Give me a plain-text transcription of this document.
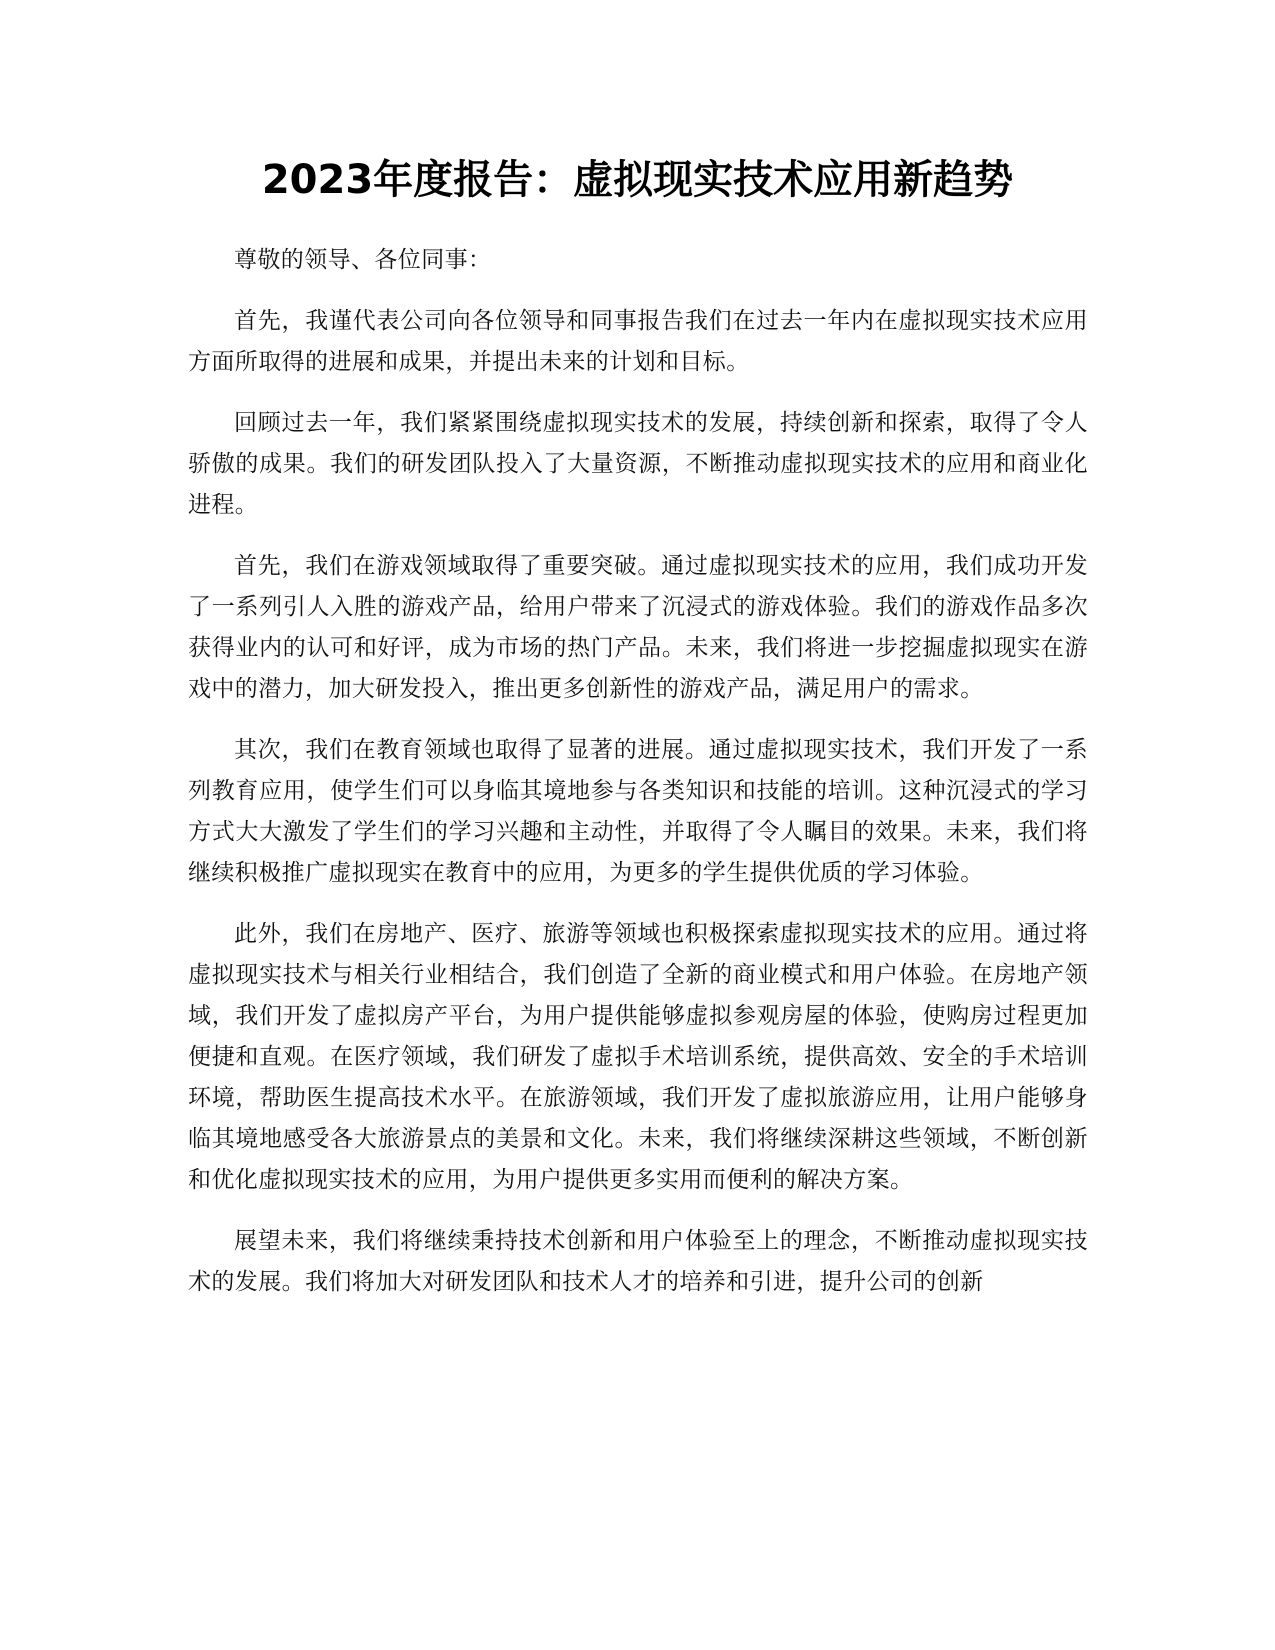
2023年度报告：虚拟现实技术应用新趋势

尊敬的领导、各位同事：

首先，我谨代表公司向各位领导和同事报告我们在过去一年内在虚拟现实技术应用方面所取得的进展和成果，并提出未来的计划和目标。

回顾过去一年，我们紧紧围绕虚拟现实技术的发展，持续创新和探索，取得了令人骄傲的成果。我们的研发团队投入了大量资源，不断推动虚拟现实技术的应用和商业化进程。

首先，我们在游戏领域取得了重要突破。通过虚拟现实技术的应用，我们成功开发了一系列引人入胜的游戏产品，给用户带来了沉浸式的游戏体验。我们的游戏作品多次获得业内的认可和好评，成为市场的热门产品。未来，我们将进一步挖掘虚拟现实在游戏中的潜力，加大研发投入，推出更多创新性的游戏产品，满足用户的需求。

其次，我们在教育领域也取得了显著的进展。通过虚拟现实技术，我们开发了一系列教育应用，使学生们可以身临其境地参与各类知识和技能的培训。这种沉浸式的学习方式大大激发了学生们的学习兴趣和主动性，并取得了令人瞩目的效果。未来，我们将继续积极推广虚拟现实在教育中的应用，为更多的学生提供优质的学习体验。

此外，我们在房地产、医疗、旅游等领域也积极探索虚拟现实技术的应用。通过将虚拟现实技术与相关行业相结合，我们创造了全新的商业模式和用户体验。在房地产领域，我们开发了虚拟房产平台，为用户提供能够虚拟参观房屋的体验，使购房过程更加便捷和直观。在医疗领域，我们研发了虚拟手术培训系统，提供高效、安全的手术培训环境，帮助医生提高技术水平。在旅游领域，我们开发了虚拟旅游应用，让用户能够身临其境地感受各大旅游景点的美景和文化。未来，我们将继续深耕这些领域，不断创新和优化虚拟现实技术的应用，为用户提供更多实用而便利的解决方案。

展望未来，我们将继续秉持技术创新和用户体验至上的理念，不断推动虚拟现实技术的发展。我们将加大对研发团队和技术人才的培养和引进，提升公司的创新
